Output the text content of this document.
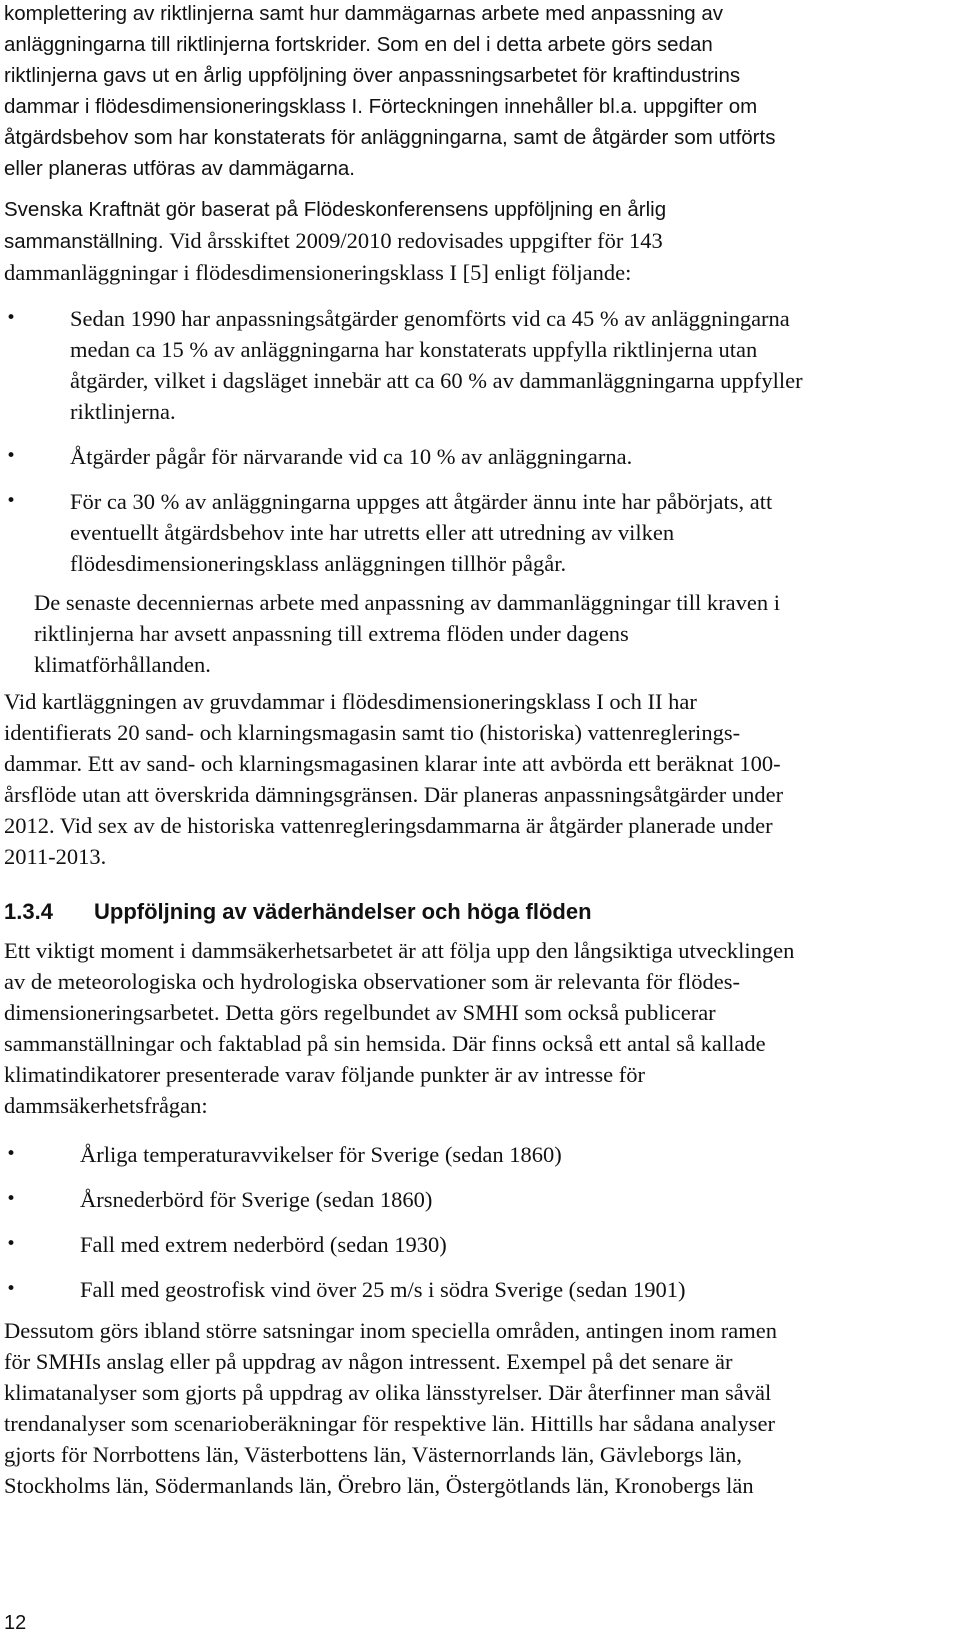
komplettering av riktlinjerna samt hur dammägarnas arbete med anpassning av
anläggningarna till riktlinjerna fortskrider. Som en del i detta arbete görs sedan
riktlinjerna gavs ut en årlig uppföljning över anpassningsarbetet för kraftindustrins
dammar i flödesdimensioneringsklass I. Förteckningen innehåller bl.a. uppgifter om
åtgärdsbehov som har konstaterats för anläggningarna, samt de åtgärder som utförts
eller planeras utföras av dammägarna.

Svenska Kraftnät gör baserat på Flödeskonferensens uppföljning en årlig
sammanställning. Vid årsskiftet 2009/2010 redovisades uppgifter för 143
dammanläggningar i flödesdimensioneringsklass I [5] enligt följande:

•	Sedan 1990 har anpassningsåtgärder genomförts vid ca 45 % av anläggningarna
medan ca 15 % av anläggningarna har konstaterats uppfylla riktlinjerna utan
åtgärder, vilket i dagsläget innebär att ca 60 % av dammanläggningarna uppfyller
riktlinjerna.
•	Åtgärder pågår för närvarande vid ca 10 % av anläggningarna.
•	För ca 30 % av anläggningarna uppges att åtgärder ännu inte har påbörjats, att
eventuellt åtgärdsbehov inte har utretts eller att utredning av vilken
flödesdimensioneringsklass anläggningen tillhör pågår.

De senaste decenniernas arbete med anpassning av dammanläggningar till kraven i
riktlinjerna har avsett anpassning till extrema flöden under dagens
klimatförhållanden.

Vid kartläggningen av gruvdammar i flödesdimensioneringsklass I och II har
identifierats 20 sand- och klarningsmagasin samt tio (historiska) vattenreglerings-
dammar. Ett av sand- och klarningsmagasinen klarar inte att avbörda ett beräknat 100-
årsflöde utan att överskrida dämningsgränsen. Där planeras anpassningsåtgärder under
2012. Vid sex av de historiska vattenregleringsdammarna är åtgärder planerade under
2011-2013.

1.3.4 Uppföljning av väderhändelser och höga flöden

Ett viktigt moment i dammsäkerhetsarbetet är att följa upp den långsiktiga utvecklingen
av de meteorologiska och hydrologiska observationer som är relevanta för flödes-
dimensioneringsarbetet. Detta görs regelbundet av SMHI som också publicerar
sammanställningar och faktablad på sin hemsida. Där finns också ett antal så kallade
klimatindikatorer presenterade varav följande punkter är av intresse för
dammsäkerhetsfrågan:

•	Årliga temperaturavvikelser för Sverige (sedan 1860)
•	Årsnederbörd för Sverige (sedan 1860)
•	Fall med extrem nederbörd (sedan 1930)
•	Fall med geostrofisk vind över 25 m/s i södra Sverige (sedan 1901)

Dessutom görs ibland större satsningar inom speciella områden, antingen inom ramen
för SMHIs anslag eller på uppdrag av någon intressent. Exempel på det senare är
klimatanalyser som gjorts på uppdrag av olika länsstyrelser. Där återfinner man såväl
trendanalyser som scenarioberäkningar för respektive län. Hittills har sådana analyser
gjorts för Norrbottens län, Västerbottens län, Västernorrlands län, Gävleborgs län,
Stockholms län, Södermanlands län, Örebro län, Östergötlands län, Kronobergs län

12
